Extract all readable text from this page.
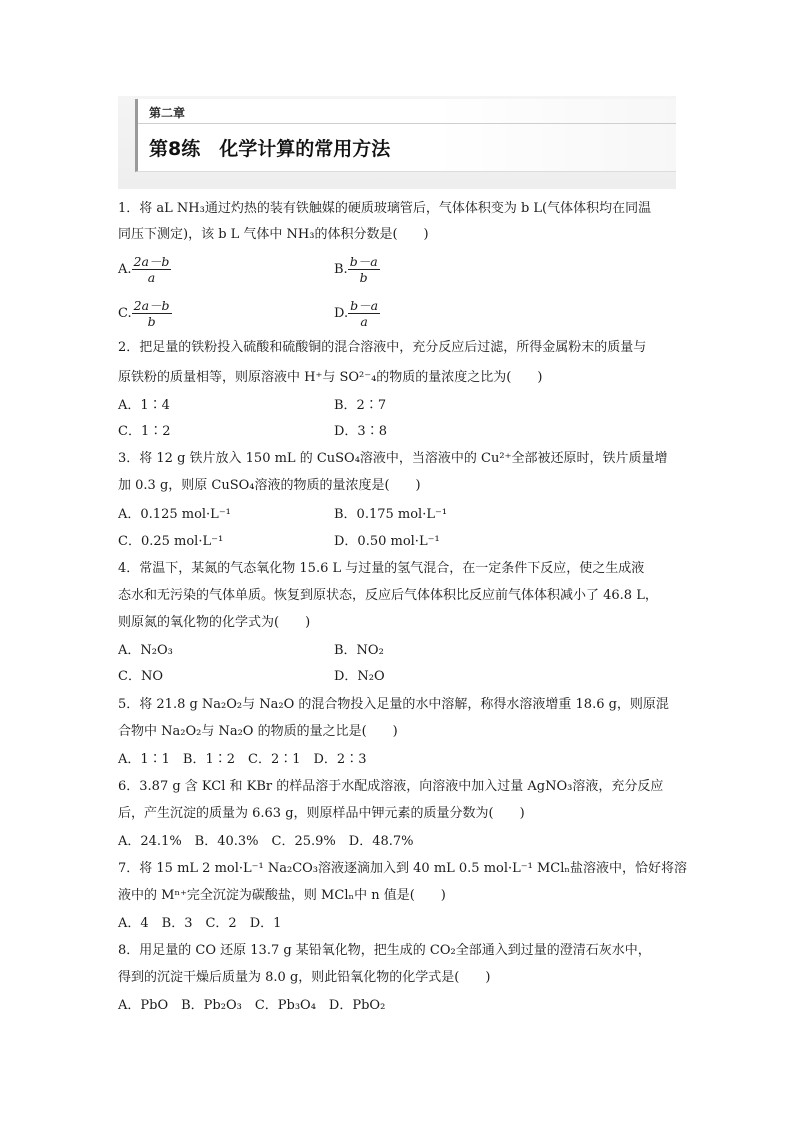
第二章
第8练　化学计算的常用方法
1．将 aL NH₃通过灼热的装有铁触媒的硬质玻璃管后，气体体积变为 b L(气体体积均在同温
同压下测定)，该 b L 气体中 NH₃的体积分数是(　　)
A. $\frac{2a-b}{a}$	B. $\frac{b-a}{b}$
C. $\frac{2a-b}{b}$	D. $\frac{b-a}{a}$
2．把足量的铁粉投入硫酸和硫酸铜的混合溶液中，充分反应后过滤，所得金属粉末的质量与
原铁粉的质量相等，则原溶液中 H⁺与 SO²⁻₄的物质的量浓度之比为(　　)
A．1∶4	B．2∶7
C．1∶2	D．3∶8
3．将 12 g 铁片放入 150 mL 的 CuSO₄溶液中，当溶液中的 Cu²⁺全部被还原时，铁片质量增
加 0.3 g，则原 CuSO₄溶液的物质的量浓度是(　　)
A．0.125 mol·L⁻¹	B．0.175 mol·L⁻¹
C．0.25 mol·L⁻¹	D．0.50 mol·L⁻¹
4．常温下，某氮的气态氧化物 15.6 L 与过量的氢气混合，在一定条件下反应，使之生成液
态水和无污染的气体单质。恢复到原状态，反应后气体体积比反应前气体体积减小了 46.8 L，
则原氮的氧化物的化学式为(　　)
A．N₂O₃	B．NO₂
C．NO	D．N₂O
5．将 21.8 g Na₂O₂与 Na₂O 的混合物投入足量的水中溶解，称得水溶液增重 18.6 g，则原混
合物中 Na₂O₂与 Na₂O 的物质的量之比是(　　)
A．1∶1　B．1∶2　C．2∶1　D．2∶3
6．3.87 g 含 KCl 和 KBr 的样品溶于水配成溶液，向溶液中加入过量 AgNO₃溶液，充分反应
后，产生沉淀的质量为 6.63 g，则原样品中钾元素的质量分数为(　　)
A．24.1%　B．40.3%　C．25.9%　D．48.7%
7．将 15 mL 2 mol·L⁻¹ Na₂CO₃溶液逐滴加入到 40 mL 0.5 mol·L⁻¹ MClₙ盐溶液中，恰好将溶
液中的 Mⁿ⁺完全沉淀为碳酸盐，则 MClₙ中 n 值是(　　)
A．4　B．3　C．2　D．1
8．用足量的 CO 还原 13.7 g 某铅氧化物，把生成的 CO₂全部通入到过量的澄清石灰水中，
得到的沉淀干燥后质量为 8.0 g，则此铅氧化物的化学式是(　　)
A．PbO　B．Pb₂O₃　C．Pb₃O₄　D．PbO₂
